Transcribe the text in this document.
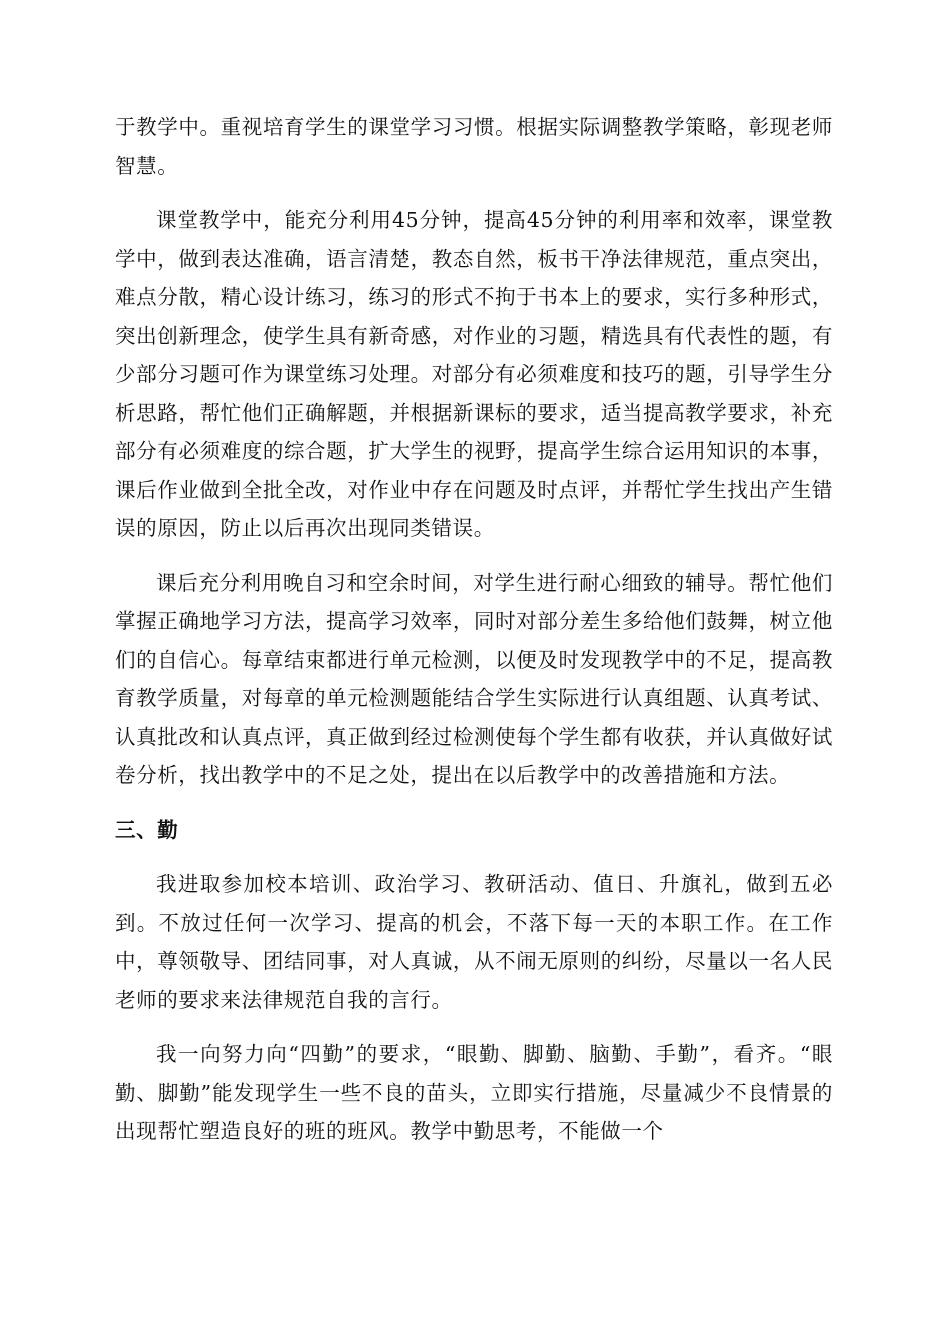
于教学中。重视培育学生的课堂学习习惯。根据实际调整教学策略，彰现老师智慧。

课堂教学中，能充分利用45分钟，提高45分钟的利用率和效率，课堂教学中，做到表达准确，语言清楚，教态自然，板书干净法律规范，重点突出，难点分散，精心设计练习，练习的形式不拘于书本上的要求，实行多种形式，突出创新理念，使学生具有新奇感，对作业的习题，精选具有代表性的题，有少部分习题可作为课堂练习处理。对部分有必须难度和技巧的题，引导学生分析思路，帮忙他们正确解题，并根据新课标的要求，适当提高教学要求，补充部分有必须难度的综合题，扩大学生的视野，提高学生综合运用知识的本事，课后作业做到全批全改，对作业中存在问题及时点评，并帮忙学生找出产生错误的原因，防止以后再次出现同类错误。

课后充分利用晚自习和空余时间，对学生进行耐心细致的辅导。帮忙他们掌握正确地学习方法，提高学习效率，同时对部分差生多给他们鼓舞，树立他们的自信心。每章结束都进行单元检测，以便及时发现教学中的不足，提高教育教学质量，对每章的单元检测题能结合学生实际进行认真组题、认真考试、认真批改和认真点评，真正做到经过检测使每个学生都有收获，并认真做好试卷分析，找出教学中的不足之处，提出在以后教学中的改善措施和方法。

三、勤

我进取参加校本培训、政治学习、教研活动、值日、升旗礼，做到五必到。不放过任何一次学习、提高的机会，不落下每一天的本职工作。在工作中，尊领敬导、团结同事，对人真诚，从不闹无原则的纠纷，尽量以一名人民老师的要求来法律规范自我的言行。

我一向努力向“四勤”的要求，“眼勤、脚勤、脑勤、手勤”，看齐。“眼勤、脚勤”能发现学生一些不良的苗头，立即实行措施，尽量减少不良情景的出现帮忙塑造良好的班的班风。教学中勤思考，不能做一个
